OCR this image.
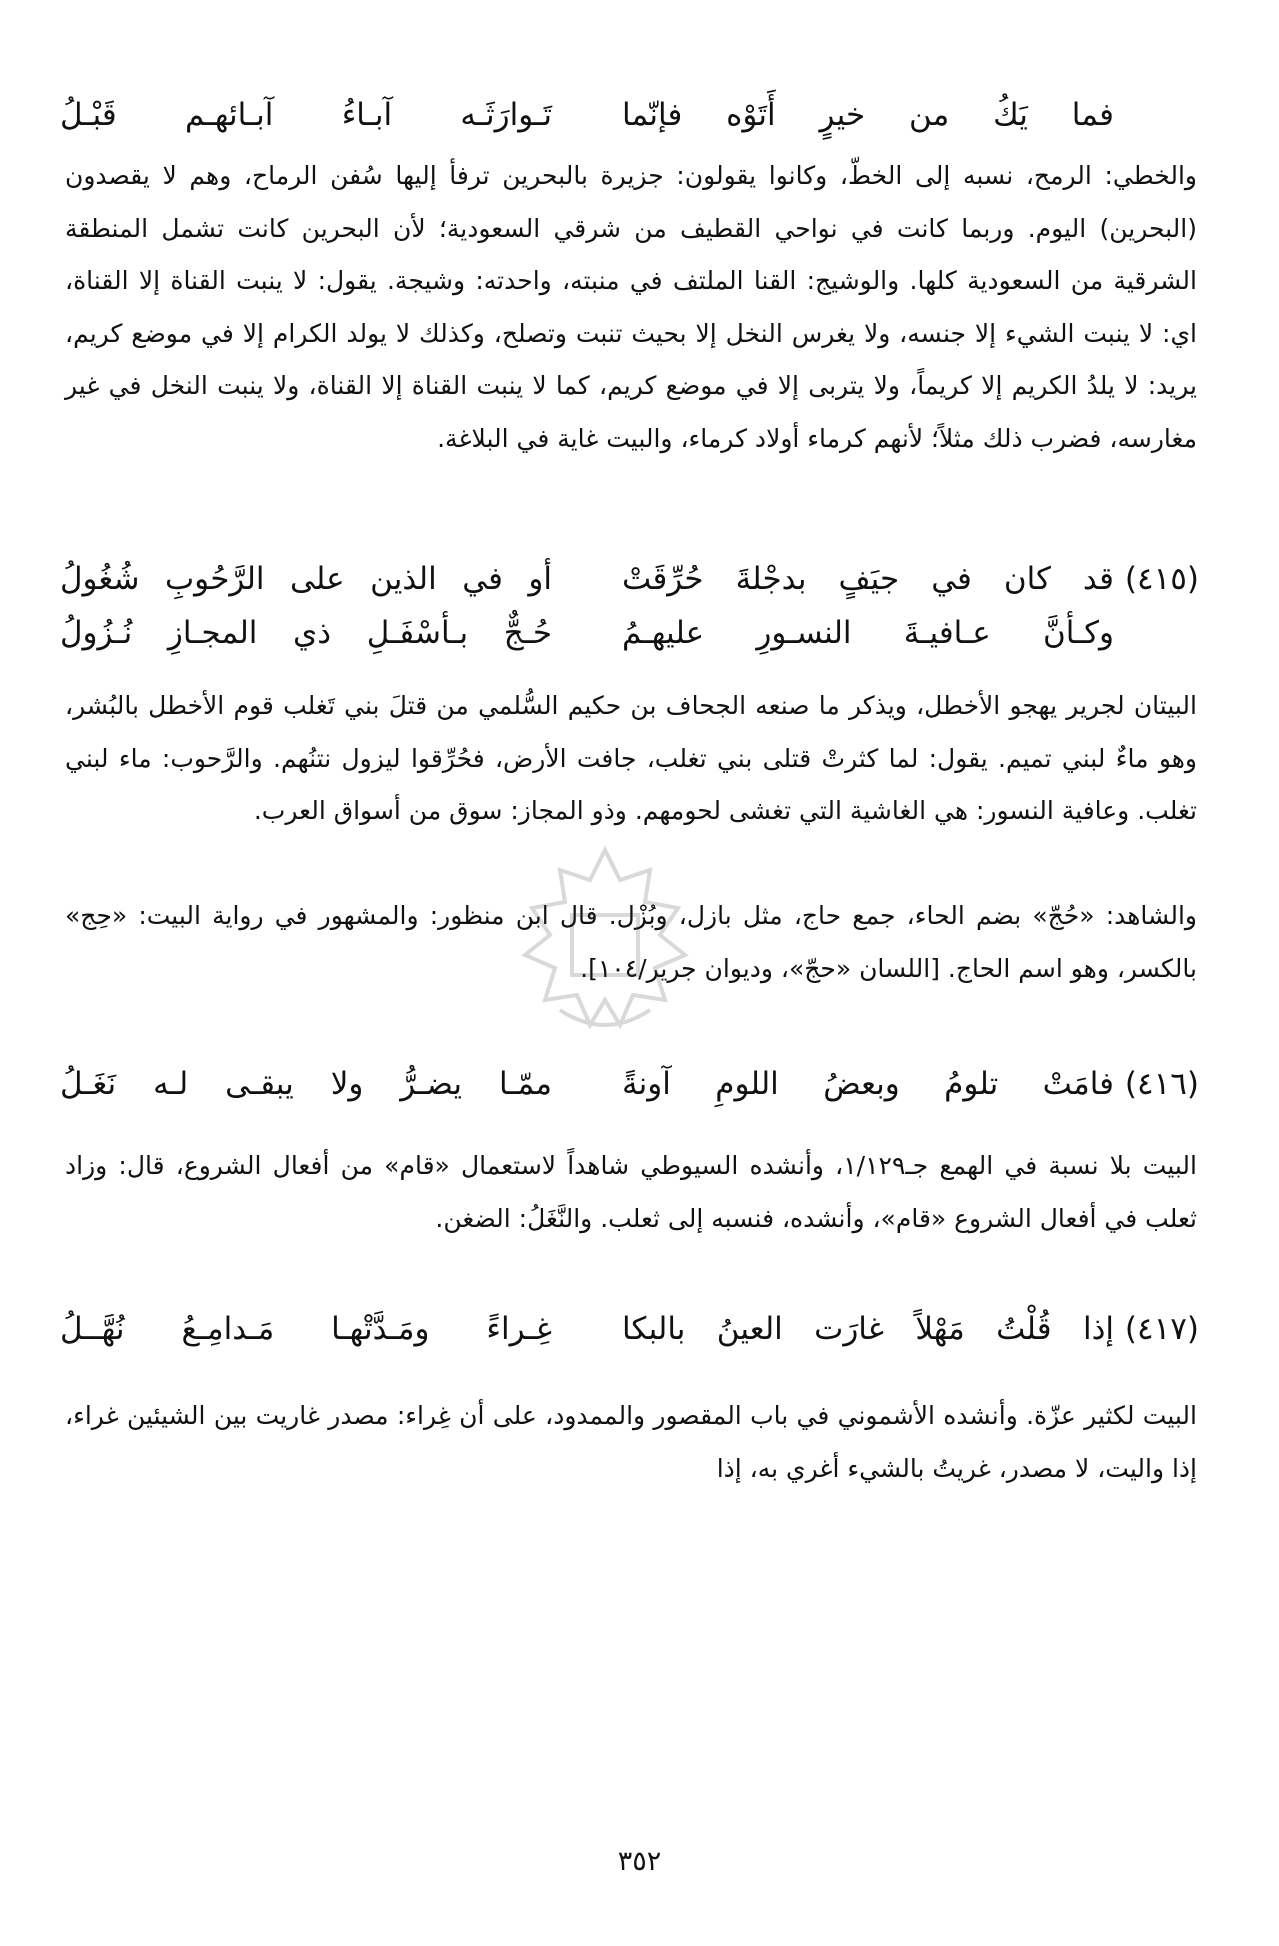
فما يَكُ من خيرٍ أَتَوْه فإنّما
تَـوارَثَـه آبـاءُ آبـائهـم قَبْـلُ

والخطي: الرمح، نسبه إلى الخطّ، وكانوا يقولون: جزيرة بالبحرين ترفأ إليها سُفن الرماح، وهم لا يقصدون (البحرين) اليوم. وربما كانت في نواحي القطيف من شرقي السعودية؛ لأن البحرين كانت تشمل المنطقة الشرقية من السعودية كلها. والوشيج: القنا الملتف في منبته، واحدته: وشيجة. يقول: لا ينبت القناة إلا القناة، اي: لا ينبت الشيء إلا جنسه، ولا يغرس النخل إلا بحيث تنبت وتصلح، وكذلك لا يولد الكرام إلا في موضع كريم، يريد: لا يلدُ الكريم إلا كريماً، ولا يتربى إلا في موضع كريم، كما لا ينبت القناة إلا القناة، ولا ينبت النخل في غير مغارسه، فضرب ذلك مثلاً؛ لأنهم كرماء أولاد كرماء، والبيت غاية في البلاغة.

(٤١٥)
قد كان في جيَفٍ بدجْلةَ حُرِّقَتْ
أو في الذين على الرَّحُوبِ شُغُولُ
وكـأنَّ عـافيـةَ النسـورِ عليهـمُ
حُـجٌّ بـأسْفَـلِ ذي المجـازِ نُـزُولُ

البيتان لجرير يهجو الأخطل، ويذكر ما صنعه الجحاف بن حكيم السُّلمي من قتلَ بني تَغلب قوم الأخطل بالبُشر، وهو ماءٌ لبني تميم. يقول: لما كثرتْ قتلى بني تغلب، جافت الأرض، فحُرِّقوا ليزول نتنُهم. والرَّحوب: ماء لبني تغلب. وعافية النسور: هي الغاشية التي تغشى لحومهم. وذو المجاز: سوق من أسواق العرب.

والشاهد: «حُجّ» بضم الحاء، جمع حاج، مثل بازل، وبُزْل. قال ابن منظور: والمشهور في رواية البيت: «حِج» بالكسر، وهو اسم الحاج. [اللسان «حجّ»، وديوان جرير/١٠٤].

(٤١٦)
فامَتْ تلومُ وبعضُ اللومِ آونةً
ممّـا يضـرُّ ولا يبقـى لـه نَغَـلُ

البيت بلا نسبة في الهمع جـ١/١٢٩، وأنشده السيوطي شاهداً لاستعمال «قام» من أفعال الشروع، قال: وزاد ثعلب في أفعال الشروع «قام»، وأنشده، فنسبه إلى ثعلب. والنَّغَلُ: الضغن.

(٤١٧)
إذا قُلْتُ مَهْلاً غارَت العينُ بالبكا
غِـراءً ومَـدَّتْهـا مَـدامِـعُ نُهَّــلُ

البيت لكثير عزّة. وأنشده الأشموني في باب المقصور والممدود، على أن غِراء: مصدر غاريت بين الشيئين غراء، إذا واليت، لا مصدر، غريتُ بالشيء أغري به، إذا

٣٥٢
